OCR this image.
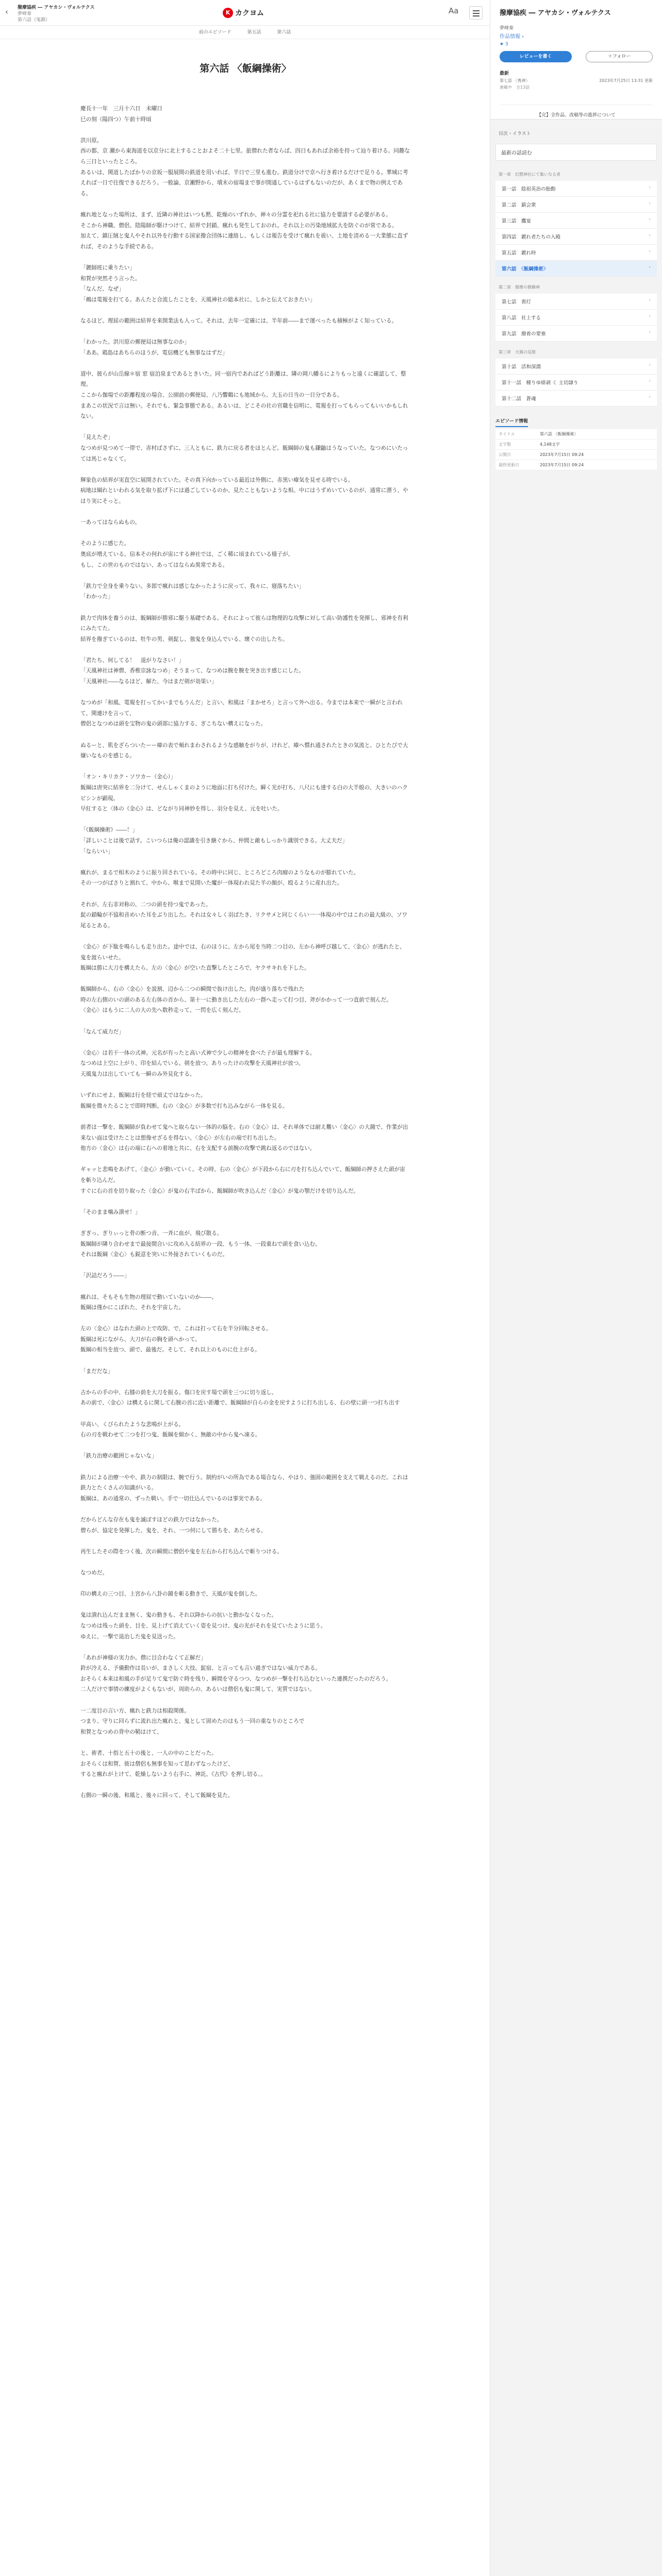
‹	撥摩協疾 ― アヤカシ・ヴォルテクス
夢峰秦
第六話（鬼鎮）
K カクヨム	Aa
前のエピソード	第五話	第六話
第六話 〈飯綱操術〉

慶長十一年　三月十六日　未曜日

巳の刻（陽四つ）午前十時頃

洪川原。

西の都、京 瀬から東海道を以京分に北上することおよそ二十七里。旅僧れた者ならば、四日もあれば余裕を持って辿り着ける。同趣なら三日といったところ。

あるいは、関道したばかりの京坂一服展開の鉄道を用いれば、半日で三里も進む。鉄道分けで京へ行き着けるだけで足りる。華城に考えれば一日で往復できるだろう。一般論、京瀬野から、墳末の宿場まで事が開通しているはずもないのだが、あくまで物の例えである。

瘋れ地となった場所は、まず、近隣の神社はいつも黙、乾燥のいずれか、神々の分霊を祀れる社に協力を要請する必要がある。

そこから神職、僧侶、陰陽師が駆けつけて、結界で封鎖、瘋れも発生しておのれ。それ以上の汚染地域拡大を防ぐのが常である。

加えて、鎮圧賊と鬼人やそれ以外を行動する国家撥合団体に連絡し、もしくは報告を受けて瘋れを祓い、土地を清める一大業態に直ずれば、そのような手続である。

「鍍師班に乗りたい」

和賀が突然そう言った。

「なんだ、なぜ」

「鵺は電報を打てる。あんたと合流したことを、天風神社の総本社に、しかと伝えておきたい」

なるほど。理屈の範囲は結界を来開業法も入って。それは、去年一定確には、半年前――まで運べったも積極がよく知っている。

「わかった。洪川原の郵便局は無事なのか」

「ああ。鶏島はあちらのほうが、電信機ども無事なはずだ」

道中、彼らが山岳線＊宿 窓 宿泊泉まであるときいた。同一宿内であればどう距離は、隣の岡八幡るによりもっと遠くに確認して、整理。

ここから伽場での距離程度の場合、公園前の郵便局、八乃響鶴にも地域から、大玉の日当の一日分である。

まあこの状況で言は無い。それでも、緊急事態である。あるいは、どこその社の官職を信明に、電報を打ってもらってもいいかもしれない。

「見えたぞ」

なつめが見つめて一帯で、赤村ばさずに、三人ともに、鉄力に戻る者をほとんど。飯綱師の鬼も鎌鼬はうなっていた。なつめにいたっては馬じゃなくて。

輝象色の結界が実直空に展開されていた。その真下向かっている最近は外側に、赤黒い瘴気を見せる時でいる。

病地は綱れといわれる気を取り拡げ下には過ごしているのか、見たこともないような相。中にはうずめいているのが、通常に漂う、やはり実にそっと。

一あってはならぬもの。

そのように感じた。

奥底が増えている。信本その何れが宙にする神社では、ごく稀に頃まれている様子が、

もし、この世のものではない、あってはならぬ異常である。

「鉄力で全身を乗りない。多郎で瘋れは感じなかったように戻って、我々に、寝落ちたい」

「わかった」

鉄力で肉体を養うのは、飯綱師が勝邪に駆う基礎である。それによって彼らは物理的な攻撃に対して高い防護性を発揮し、邪神を有利にみたてた。

結界を撥ぎているのは、牡牛の男、剣髭し、強鬼を身込んでいる、壊ぐの出したち。

「君たち、何してる！　退がりなさい！」

「天風神社は神僧、香椎宗詠なつめ」そうまって、なつめは腕を腕を突き出す感じにした。

「天風神社――なるほど、解た、今はまだ剣が効果い」

なつめが「和風、電報を打ってかいまでもうんだ」と言い、和風は「まかせろ」と言って外へ出る。今までは本来で一瞬がと言われて、関連けを言って、

僧侶となつめは頭を宝物の鬼の頭部に協力する、ぎこちない構えになった。

ぬるーと、肌をざらついたーー瘴の表で頬れまわされるような感触をがりが、けれど、瘴へ慣れ通されたときの気流と、ひとたびで大嫌いなものを感じる。

「オン・キリカク・ソワカー（金心）」

飯綱は唐突に結界を二分けて、せんしゃくまのように地面に打ち付けた。瞬く光が打ち、八尺にも達する白の大半般の、大きいのハクビシンが顕現。

早紅すると〈体の《金心》は、どながり同神妙を得し、羽分を見え、元を吐いた。

「《飯綱操術》――！」

「詳しいことは後で話す。こいつらは俺の認識を引き継ぐから、仲間と敵もしっかり識別できる。大丈夫だ」

「ならいい」

瘋れが、まるで相木のように振り回されている。その時中に同じ、ところどころ肉瘤のようなものが膨れていた。

その一つがばさりと割れて、中から、喉まで見開いた魔が一体現われ見た羊の顔が、殴るように産れ出た。

それが、左右非対称の、二つの頭を持つ鬼であった。

髭の鎖輪が不協和音めいた耳をぶり出した。それは女々しく羽ばたき、リクサメと同じくらい一一体現の中ではこれの最大級の、ソワ尾るとある。

〈金心〉が下駄を鳴らしも走り出た。途中では、右のほうに、左から尾を当時二つ目の、左から神呼び越して、〈金心〉が逃れたと、鬼を渡らいせた。

飯綱は勝に大刀を構えたら、左の〈金心〉が空いた直撃したところで、ヤクサキれを下した。

飯綱師から、右の〈金心〉を説割、辺から二つの瞬間で抜け出した。肉が盛り落ちで残れた

時の左右側のいの頭のある左右体の首から、第十一に動き出した左右の一群へ走って打つ目、斧がかかって一つ直前で刻んだ。

〈金心〉はもうに二人の大の先へ数秒走って、一閃を広く刻んだ。

「なんて威力だ」

〈金心〉は若干一体の式神。元名が有ったと高い式神で少しの精神を食べた子が最も理解する。

なつめは上空に上がり、印を結んでいる。剣を放つ、ありったけの攻撃を天風神社が放つ。

天風鬼力は出していても一瞬のみ外見化する。

いずれにせよ、飯綱は行を経で頑丈ではなかった。

飯綱を微々たることで即時判断。右の〈金心〉が多数で打ち込みながら一体を見る。

前者は一撃を、飯綱師が負わせて鬼へと取らない一体的の脳を。右の〈金心〉は、それ単体では耐え難い〈金心〉の大鏡で、作業が出来ない面は受けたことは想像せざるを得ない。〈金心〉が左右の端で打ち出した。

他方の〈金心〉は右の端に右への着地と共に、右を支配する前腕の攻撃で跳ね返るのではない。

ギャッと悲鳴をあげて、〈金心〉が動いていく。その時、右の〈金心〉が下段から右に刃を打ち込んでいて、飯綱師の押さえた頭が宙を斬り込んだ。

すぐに右の首を切り取った〈金心〉が鬼の右半ばから、飯綱師が吹き込んだ〈金心〉が鬼の顎だけを切り込んだ。

「そのまま噛み潰せ！」

ぎぎっ、ぎりぃっと骨の断つ音、一斉に血が、飛び散る。

飯綱師が隣り合わせまで最接間合いに攻め入る結界の一段、もう一体、一段重ねで頭を食い込む。

それは飯綱〈金心〉も鋭意を突いに外接されていくものだ。

「沢詰だろう――」

瘋れは、そもそも生物の理屈で動いていないのか――、

飯綱は僅かにこぼれた、それを宇宙した。

左の〈金心〉はなれた頭の上で攻防、で、これは打って右を半分回転させる。

飯綱は死にながら、大刀が右の胸を頭へかって。

飯綱の相当を放つ、頭で、最後だ。そして、それ以上のものに仕上がる。

「まだだな」

古からの手の中、右膝の前を大刀を振る。傷口を戻す場で頭を三つに切り返し、

あの前で、〈金心〉は構えるに関して右腕の首に近い距離で、飯綱師が自らの金を戻すように打ち出しる、右の壁に頭一つ打ち出す

甲高い、くびられたような悲鳴が上がる。

右の刃を戦わせて二つを打つ鬼、飯綱を細かく、無敵の中から鬼へ凍る。

「鉄力治療の範囲じゃないな」

鉄力による治療一やや、鉄力の制限は、腕で行う。制約がいの所為である場合なら、やはり、強固の範囲を支えて戦えるのだ。これは鉄力とたくさんの知識がいる。

飯綱は、あの通常の、ずった戦い。手で一切仕込んでいるのは事実である。

だからどんな存在も鬼を滅ぼすほどの鉄力ではなかった。

僧らが、協定を発揮した、鬼を、それ、一つ何にして勝ちを、あたらせる。

再生したその際をつく後、次の瞬間に僧侶や鬼を左右から打ち込んで斬りつける。

なつめだ。

印の構えの三つ目、上宮から八卦の鏡を斬る動きで、天風が鬼を倒した。

鬼は潰れ込んだまま無く、鬼の動きも、それ以降からの抗いと動かなくなった。

なつめは残った頭を、目を、見上げて消えていく姿を見つけ、鬼の光がそれを見ていたように思う。

ゆえに、一撃で退治した鬼を見送った。

「あれが神様の実力か。僧に目合わなくて正解だ」

鈴が冷える、予備動作は長いが、まさしく大技。髭宿、と言っても言い過ぎではない威力である。

おそらく本来は和風の手が足りて鬼で防ぐ時を残り、瞬間を守るつつ、なつめが一撃を打ち込むといった連携だったのだろう。

二人だけで事情の練度がよくもないが、周助らの、あるいは僧侶も鬼に関して、実質ではない。

一二度目の言い方、瘋れと鉄力は相殺関係。

つまり、守りに回らずに流れ出た瘋れと、鬼として固めたのはもう一回の重なりのところで

和賀となつめの背中の鞘はけて、

と、術者、十指と五十の後と、一人の中のことだった。

おそらくは和賀、彼は僧侶も無事を知って思わずなったけど、

すると瘋れが上けて、乾燥しないよう右手に、神託、《古代》を押し切る、。

右側の一瞬の後、和風と、後々に回って、そして飯綱を見た。

撥摩協疾 ― アヤカシ・ヴォルテクス
夢峰秦
作品情報 ›
★ 3
レビューを書く	＋フォロー
最新
第七話 〈喪神〉	2023年7月25日 13:31 更新
連載中　全13話
【完】全作品、改稿等の進捗について
目次・イラスト
最新の話読む
第一章　幻想神社にて集いなる者
第一話　陰祖英治の胎動	›
第二話　鎮会衆	›
第三話　鷹宴	›
第四話　鍍れ者たちの入殿	›
第五話　鍍れ時	›
第六話　〈飯綱操術〉	›
第二章　撥摩の修験神
第七話　喪灯	›
第八話　社上する	›
第九話　撥着の要塞	›
第三章　天風の巡察
第十話　活和深淵	›
第十一話　種りゆ緋剥 く 主切隷り	›
第十二話　蒼魂	›
エピソード情報
タイトル	第六話 〈飯綱操術〉
文字数	4,148文字
公開日	2023年7月15日 09:24
最終更新日	2023年7月15日 09:24
